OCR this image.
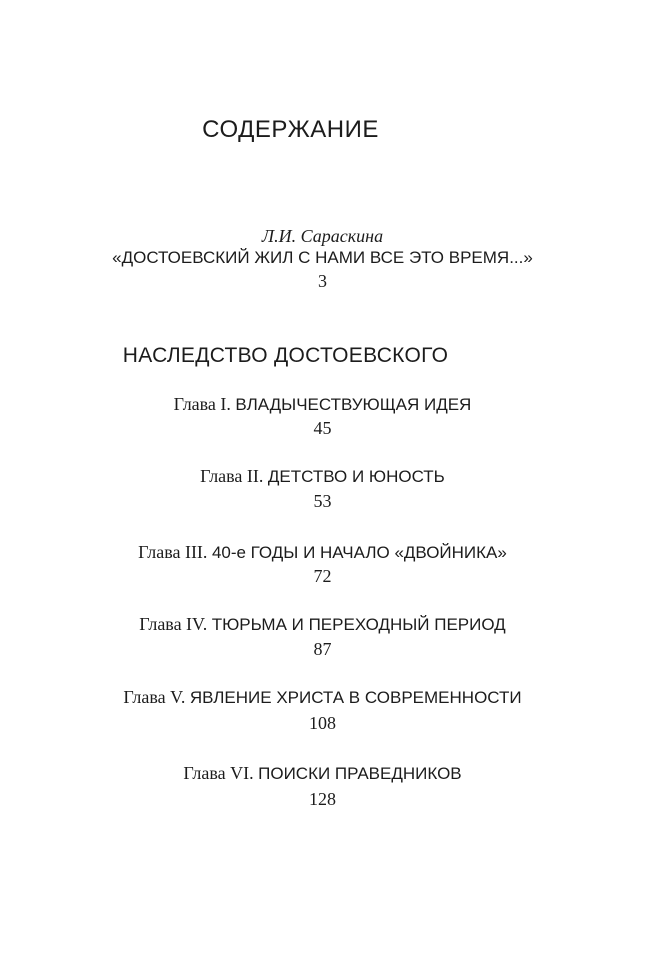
СОДЕРЖАНИЕ
Л.И. Сараскина
«ДОСТОЕВСКИЙ ЖИЛ С НАМИ ВСЕ ЭТО ВРЕМЯ...»
3
НАСЛЕДСТВО ДОСТОЕВСКОГО
Глава I. ВЛАДЫЧЕСТВУЮЩАЯ ИДЕЯ
45
Глава II. ДЕТСТВО И ЮНОСТЬ
53
Глава III. 40-е ГОДЫ И НАЧАЛО «ДВОЙНИКА»
72
Глава IV. ТЮРЬМА И ПЕРЕХОДНЫЙ ПЕРИОД
87
Глава V. ЯВЛЕНИЕ ХРИСТА В СОВРЕМЕННОСТИ
108
Глава VI. ПОИСКИ ПРАВЕДНИКОВ
128
